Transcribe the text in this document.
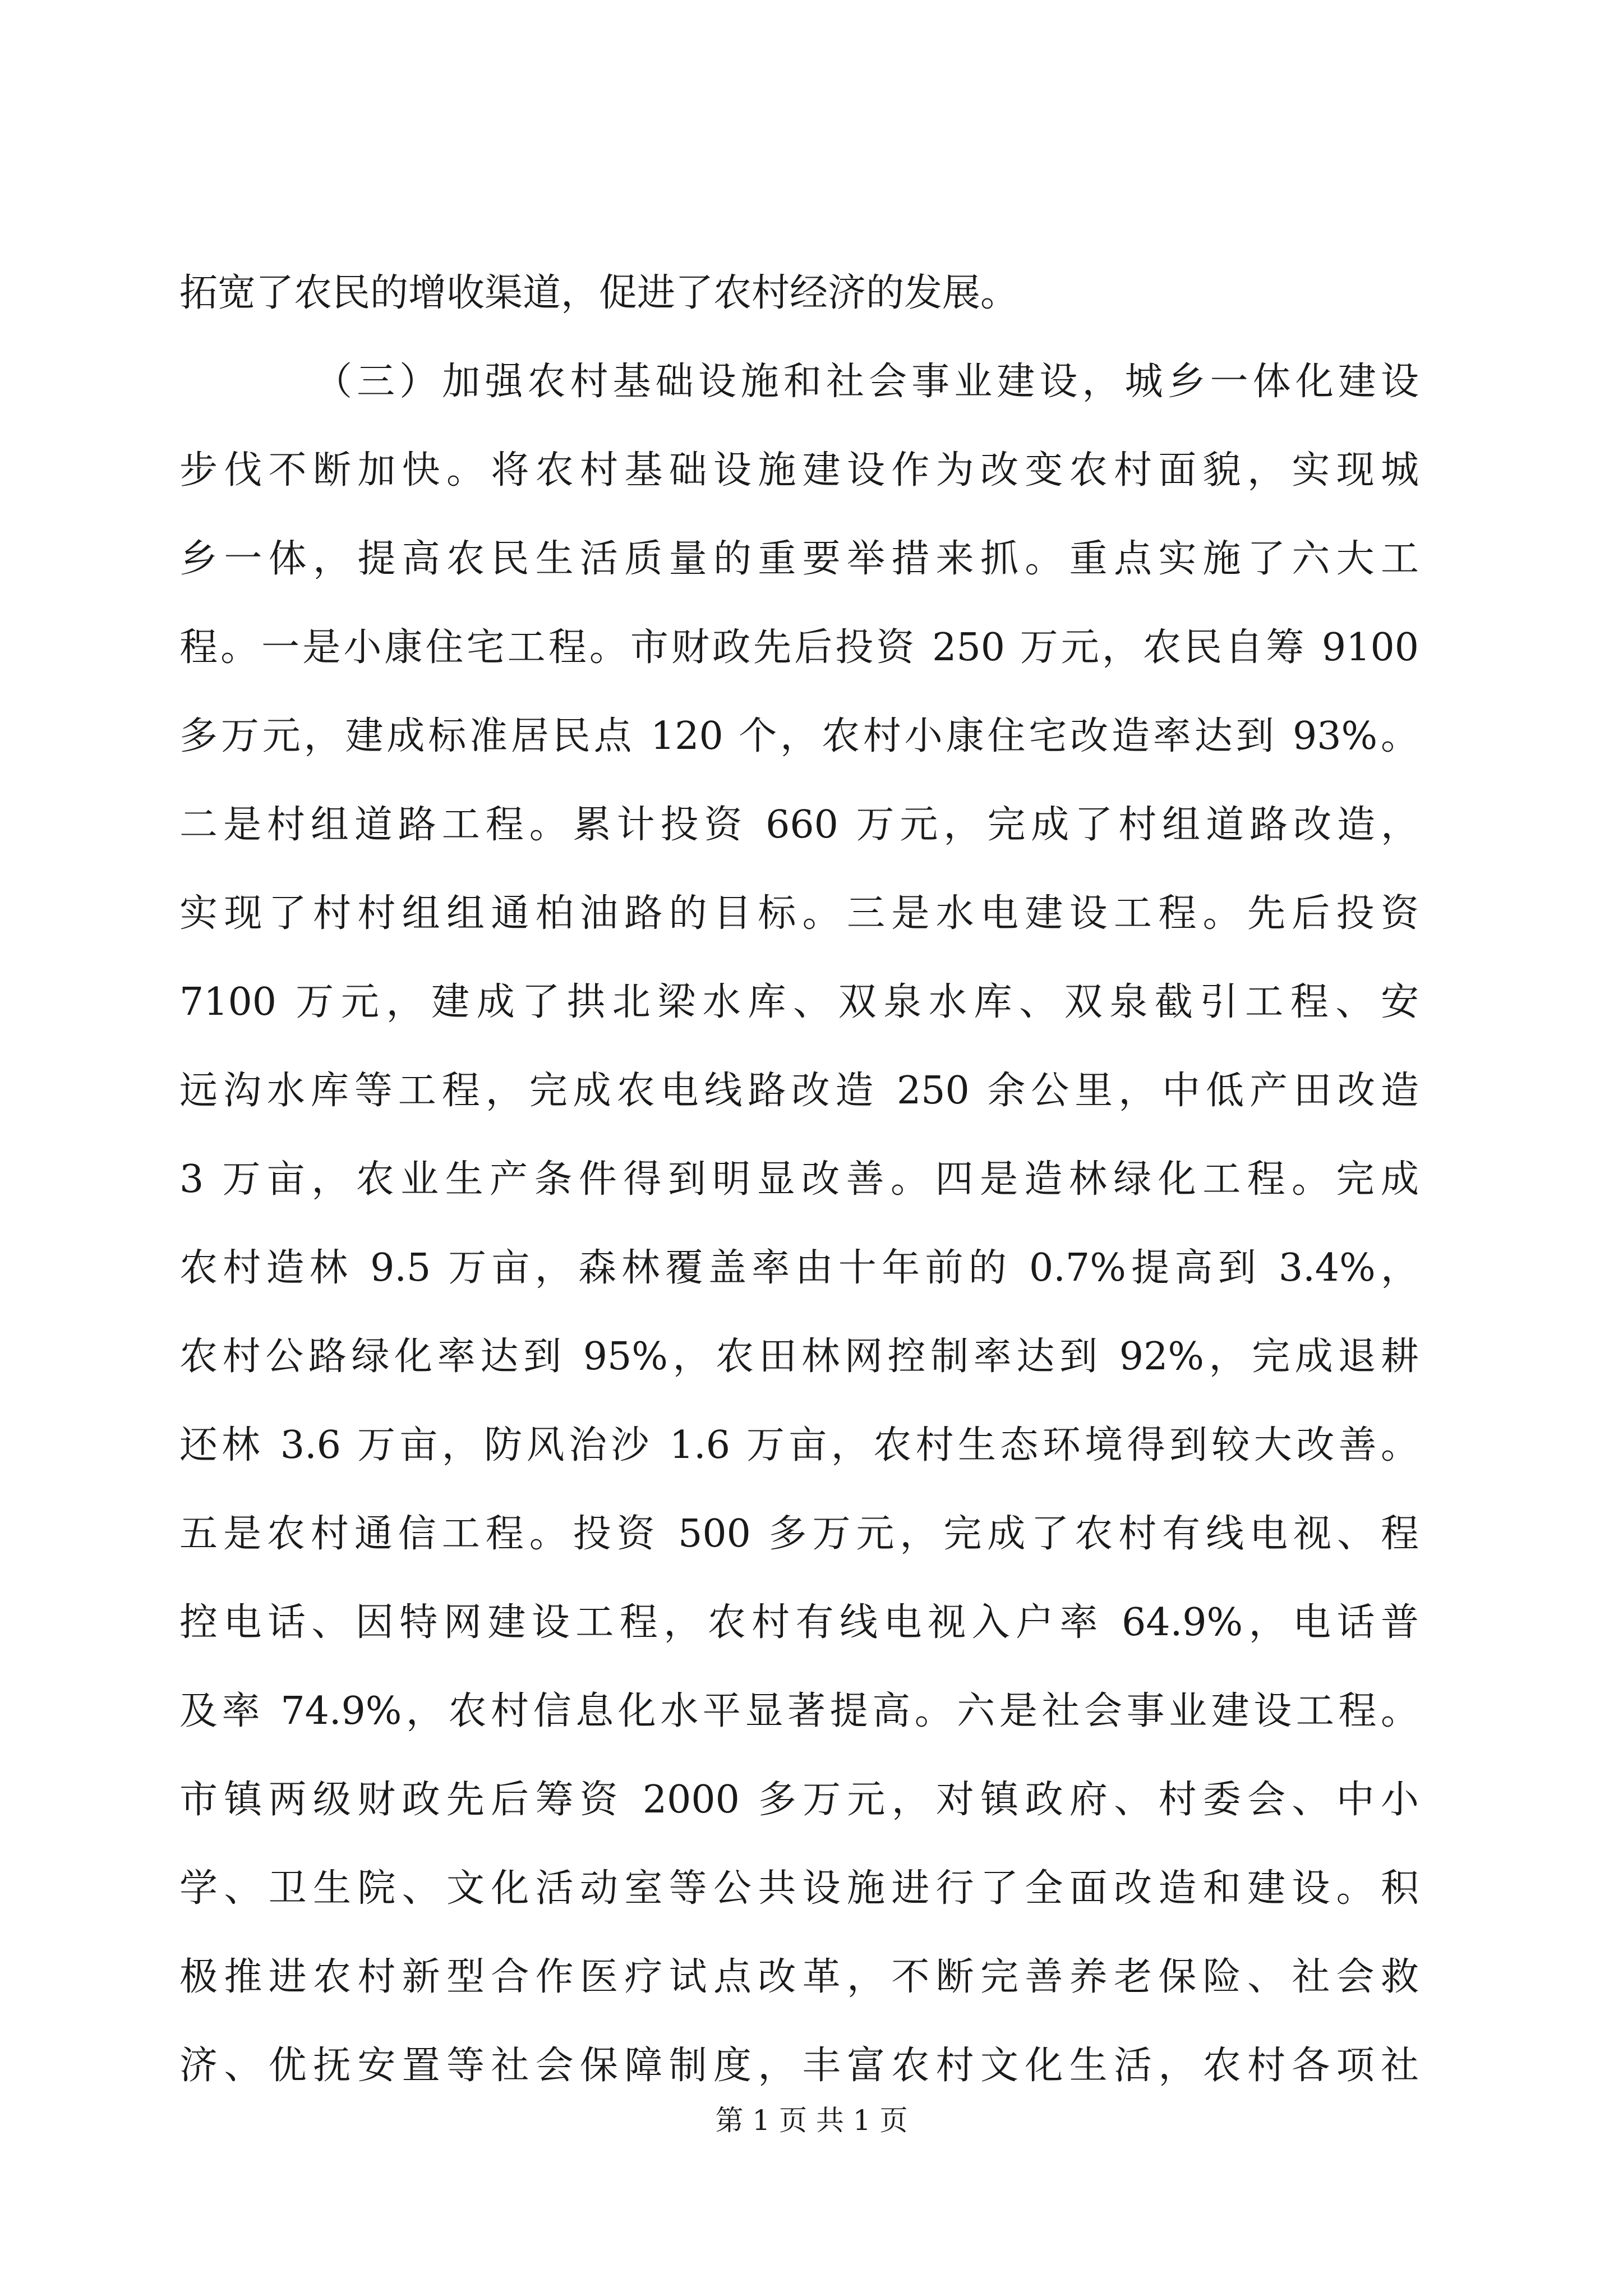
拓宽了农民的增收渠道，促进了农村经济的发展。
（三）加强农村基础设施和社会事业建设，城乡一体化建设
步伐不断加快。将农村基础设施建设作为改变农村面貌，实现城
乡一体，提高农民生活质量的重要举措来抓。重点实施了六大工
程。一是小康住宅工程。市财政先后投资 250 万元，农民自筹 9100
多万元，建成标准居民点 120 个，农村小康住宅改造率达到 93%。
二是村组道路工程。累计投资 660 万元，完成了村组道路改造，
实现了村村组组通柏油路的目标。三是水电建设工程。先后投资
7100 万元，建成了拱北梁水库、双泉水库、双泉截引工程、安
远沟水库等工程，完成农电线路改造 250 余公里，中低产田改造
3 万亩，农业生产条件得到明显改善。四是造林绿化工程。完成
农村造林 9.5 万亩，森林覆盖率由十年前的 0.7%提高到 3.4%，
农村公路绿化率达到 95%，农田林网控制率达到 92%，完成退耕
还林 3.6 万亩，防风治沙 1.6 万亩，农村生态环境得到较大改善。
五是农村通信工程。投资 500 多万元，完成了农村有线电视、程
控电话、因特网建设工程，农村有线电视入户率 64.9%，电话普
及率 74.9%，农村信息化水平显著提高。六是社会事业建设工程。
市镇两级财政先后筹资 2000 多万元，对镇政府、村委会、中小
学、卫生院、文化活动室等公共设施进行了全面改造和建设。积
极推进农村新型合作医疗试点改革，不断完善养老保险、社会救
济、优抚安置等社会保障制度，丰富农村文化生活，农村各项社
第 1 页 共 1 页
